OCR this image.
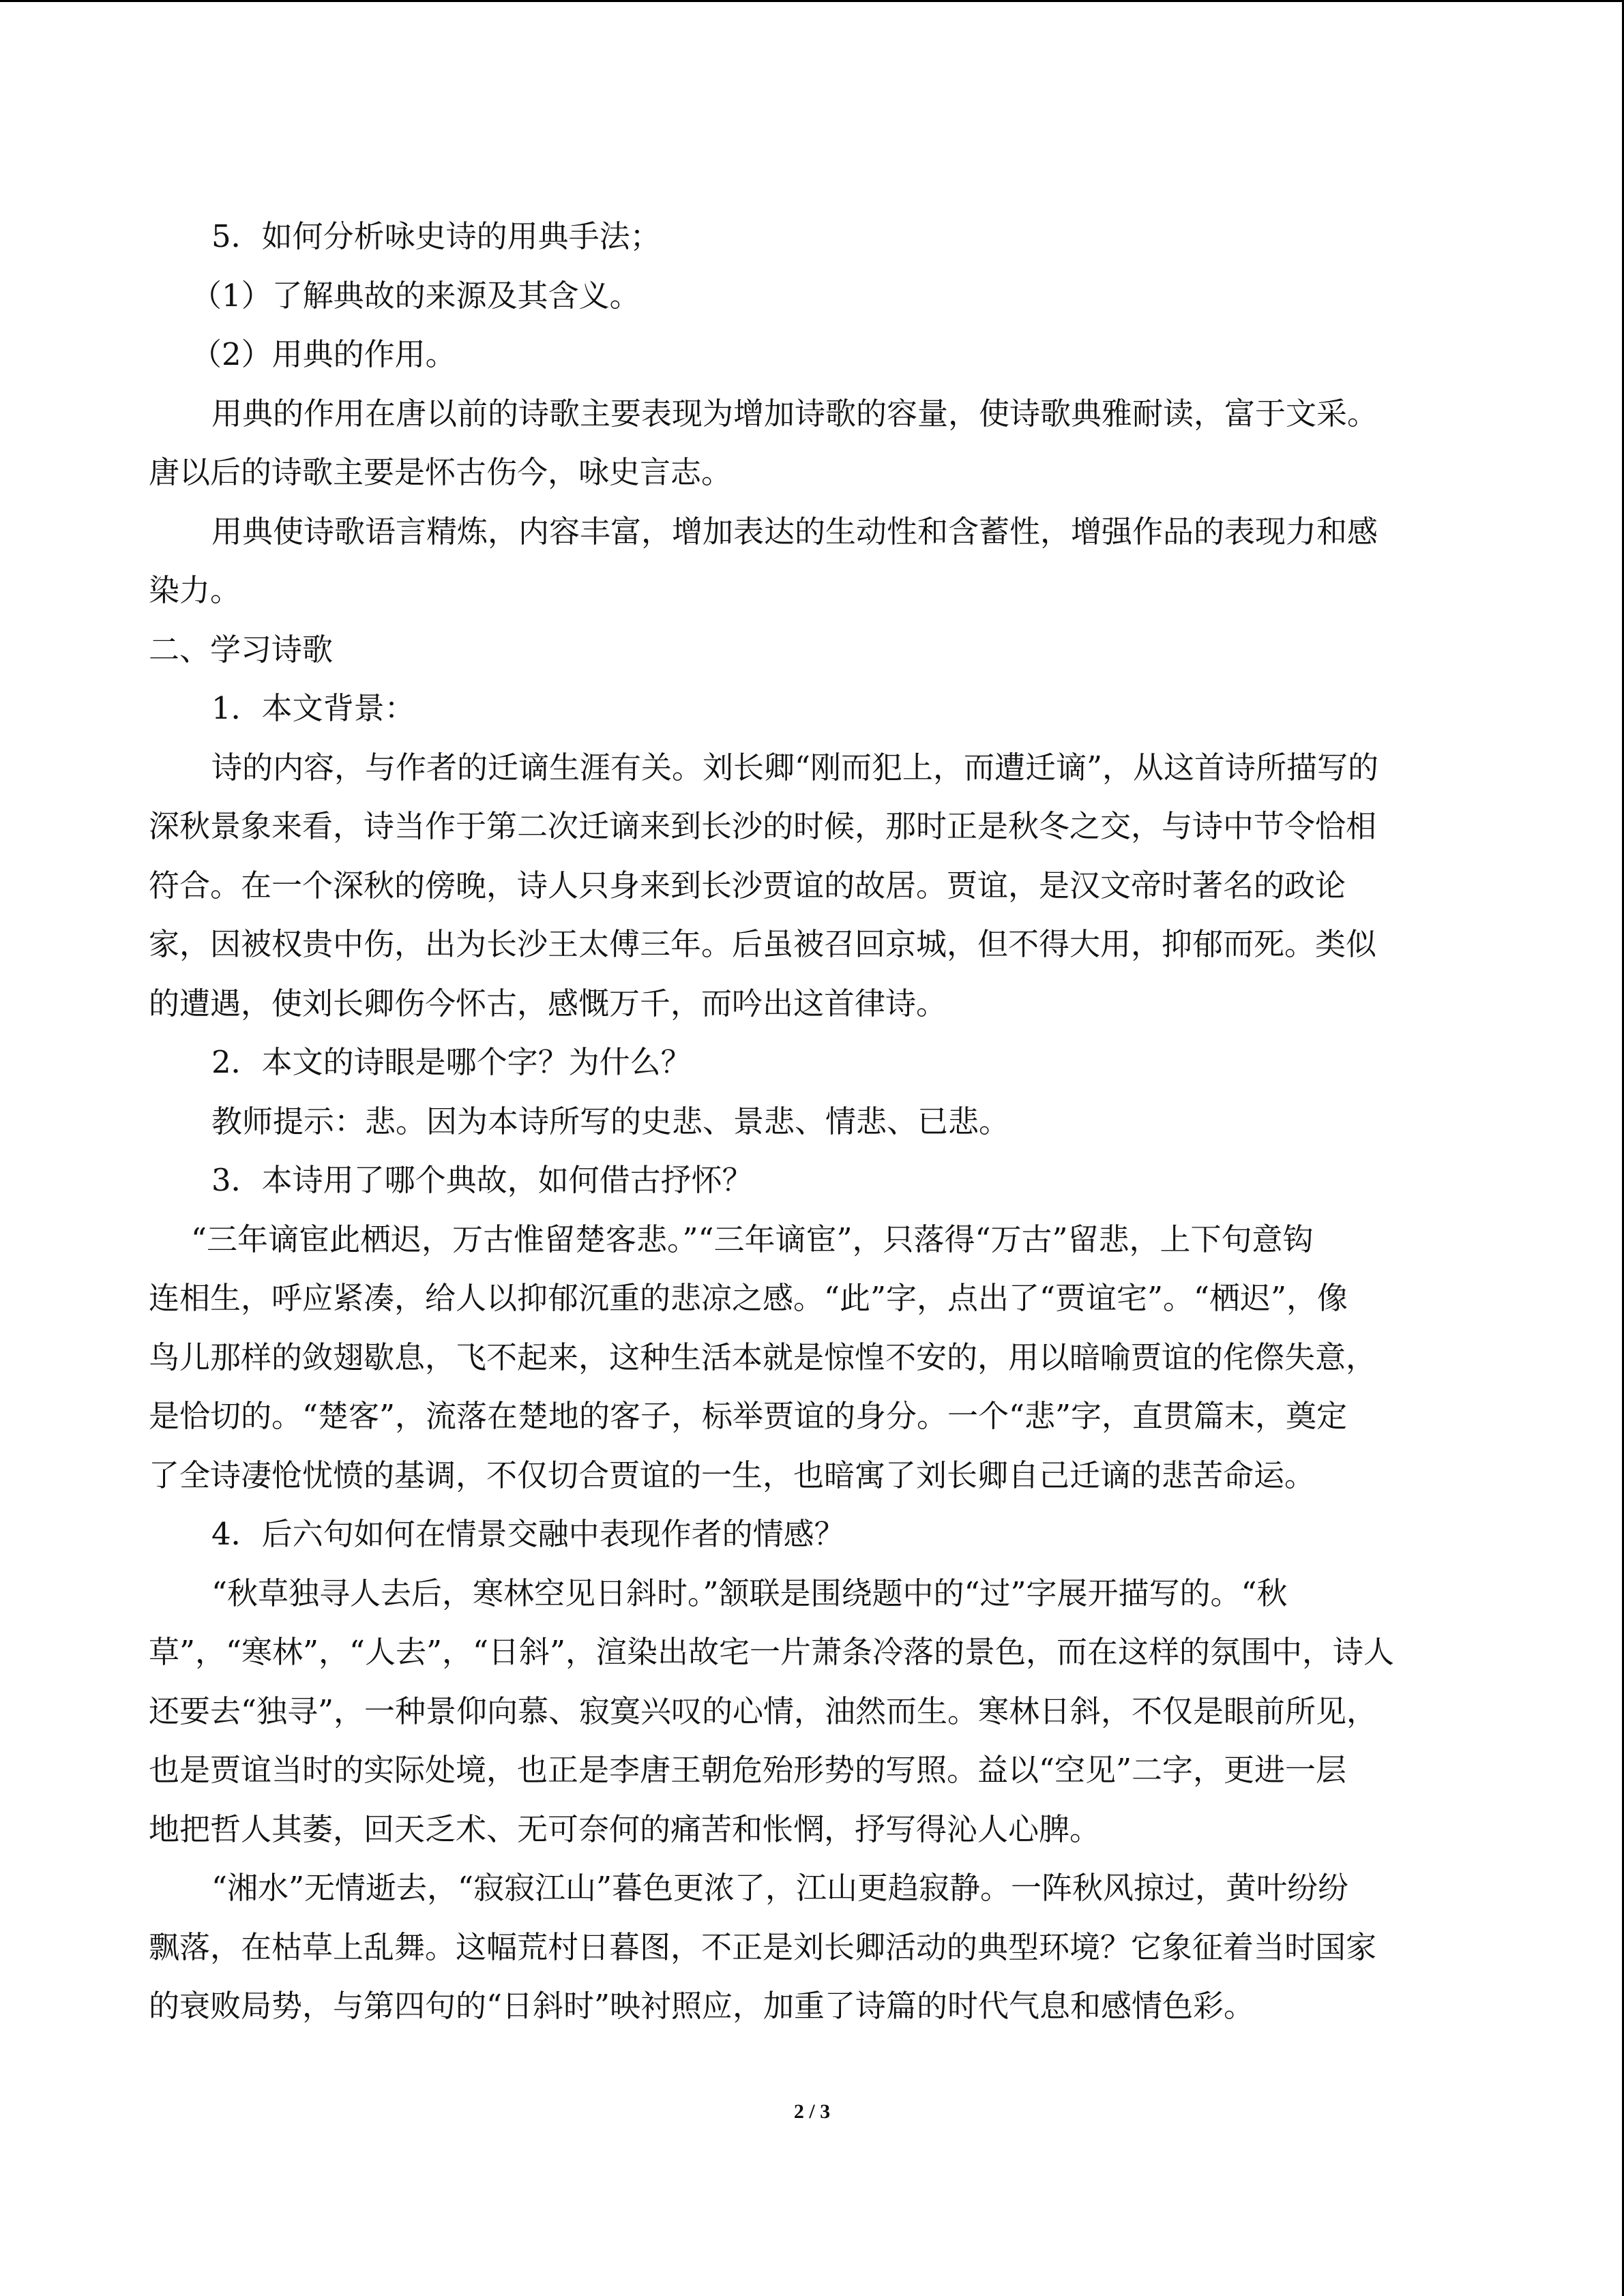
5．如何分析咏史诗的用典手法；
（1）了解典故的来源及其含义。
（2）用典的作用。
用典的作用在唐以前的诗歌主要表现为增加诗歌的容量，使诗歌典雅耐读，富于文采。
唐以后的诗歌主要是怀古伤今，咏史言志。
用典使诗歌语言精炼，内容丰富，增加表达的生动性和含蓄性，增强作品的表现力和感
染力。
二、学习诗歌
1．本文背景：
诗的内容，与作者的迁谪生涯有关。刘长卿“刚而犯上，而遭迁谪”，从这首诗所描写的
深秋景象来看，诗当作于第二次迁谪来到长沙的时候，那时正是秋冬之交，与诗中节令恰相
符合。在一个深秋的傍晚，诗人只身来到长沙贾谊的故居。贾谊，是汉文帝时著名的政论
家，因被权贵中伤，出为长沙王太傅三年。后虽被召回京城，但不得大用，抑郁而死。类似
的遭遇，使刘长卿伤今怀古，感慨万千，而吟出这首律诗。
2．本文的诗眼是哪个字？为什么？
教师提示：悲。因为本诗所写的史悲、景悲、情悲、已悲。
3．本诗用了哪个典故，如何借古抒怀？
“三年谪宦此栖迟，万古惟留楚客悲。”“三年谪宦”，只落得“万古”留悲，上下句意钩
连相生，呼应紧凑，给人以抑郁沉重的悲凉之感。“此”字，点出了“贾谊宅”。“栖迟”，像
鸟儿那样的敛翅歇息，飞不起来，这种生活本就是惊惶不安的，用以暗喻贾谊的侘傺失意，
是恰切的。“楚客”，流落在楚地的客子，标举贾谊的身分。一个“悲”字，直贯篇末，奠定
了全诗凄怆忧愤的基调，不仅切合贾谊的一生，也暗寓了刘长卿自己迁谪的悲苦命运。
4．后六句如何在情景交融中表现作者的情感？
“秋草独寻人去后，寒林空见日斜时。”颔联是围绕题中的“过”字展开描写的。“秋
草”，“寒林”，“人去”，“日斜”，渲染出故宅一片萧条冷落的景色，而在这样的氛围中，诗人
还要去“独寻”，一种景仰向慕、寂寞兴叹的心情，油然而生。寒林日斜，不仅是眼前所见，
也是贾谊当时的实际处境，也正是李唐王朝危殆形势的写照。益以“空见”二字，更进一层
地把哲人其萎，回天乏术、无可奈何的痛苦和怅惘，抒写得沁人心脾。
“湘水”无情逝去，“寂寂江山”暮色更浓了，江山更趋寂静。一阵秋风掠过，黄叶纷纷
飘落，在枯草上乱舞。这幅荒村日暮图，不正是刘长卿活动的典型环境？它象征着当时国家
的衰败局势，与第四句的“日斜时”映衬照应，加重了诗篇的时代气息和感情色彩。
2 / 3
